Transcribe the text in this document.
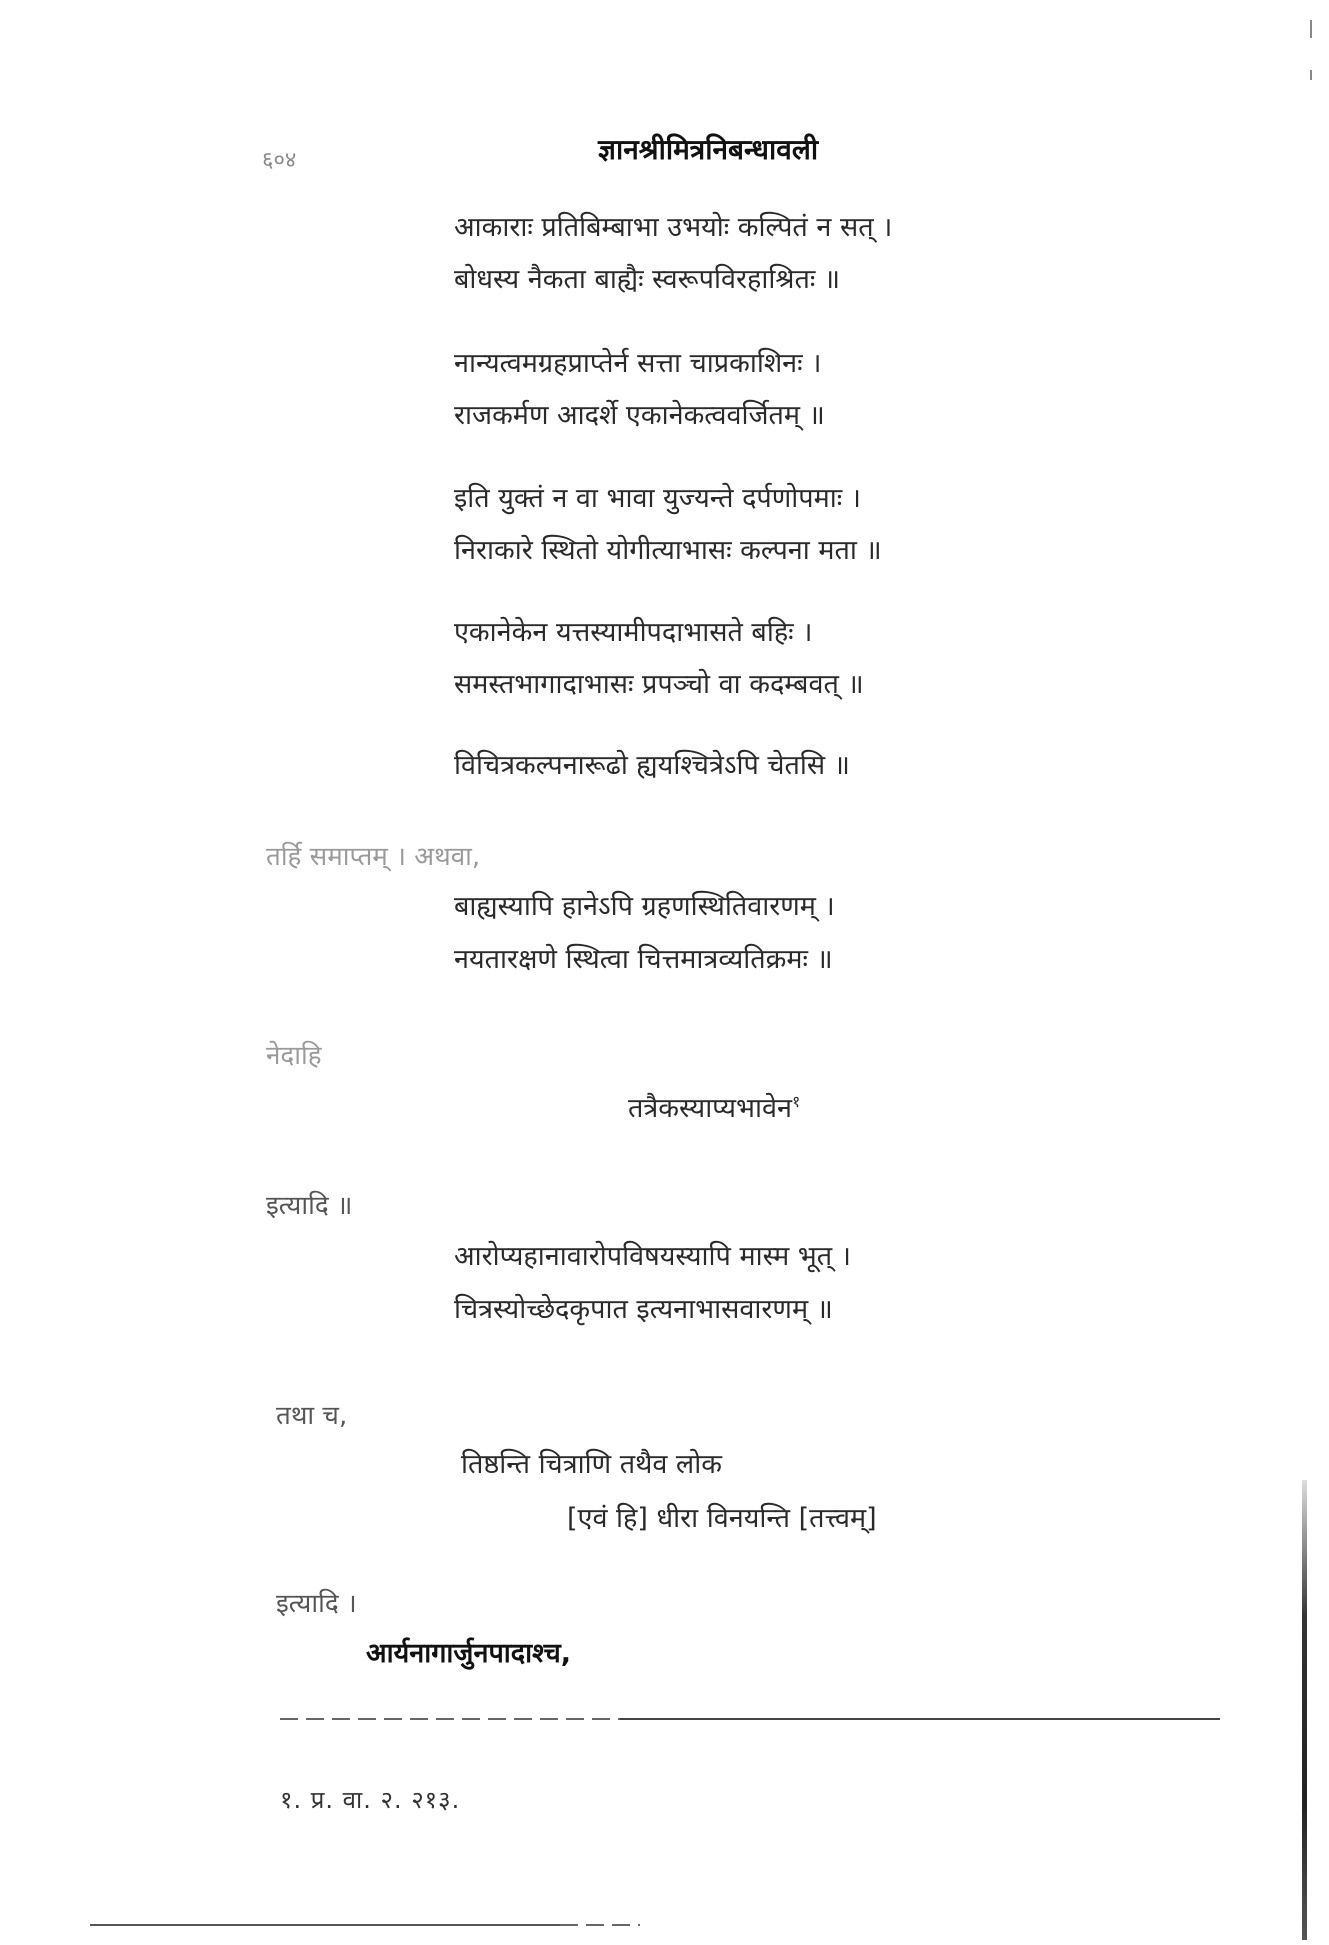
६०४	ज्ञानश्रीमित्रनिबन्धावली
आकाराः प्रतिबिम्बाभा उभयोः कल्पितं न सत् ।
बोधस्य नैकता बाह्यैः स्वरूपविरहाश्रितः ॥
नान्यत्वमग्रहप्राप्तेर्न सत्ता चाप्रकाशिनः ।
राजकर्मण आदर्शे एकानेकत्ववर्जितम् ॥
इति युक्तं न वा भावा युज्यन्ते दर्पणोपमाः ।
निराकारे स्थितो योगीत्याभासः कल्पना मता ॥
एकानेकेन यत्तस्यामीपदाभासते बहिः ।
समस्तभागादाभासः प्रपञ्चो वा कदम्बवत् ॥
विचित्रकल्पनारूढो ह्ययश्चित्रेऽपि चेतसि ॥
तर्हि समाप्तम् । अथवा,
बाह्यस्यापि हानेऽपि ग्रहणस्थितिवारणम् ।
नयतारक्षणे स्थित्वा चित्तमात्रव्यतिक्रमः ॥
नेदाहि
तत्रैकस्याप्यभावेन$^१$
इत्यादि ॥
आरोप्यहानावारोपविषयस्यापि मास्म भूत् ।
चित्रस्योच्छेदकृपात इत्यनाभासवारणम् ॥
तथा च,
तिष्ठन्ति चित्राणि तथैव लोक
[एवं हि] धीरा विनयन्ति [तत्त्वम्]
इत्यादि ।
आर्यनागार्जुनपादाश्च,
१. प्र. वा. २. २१३.
